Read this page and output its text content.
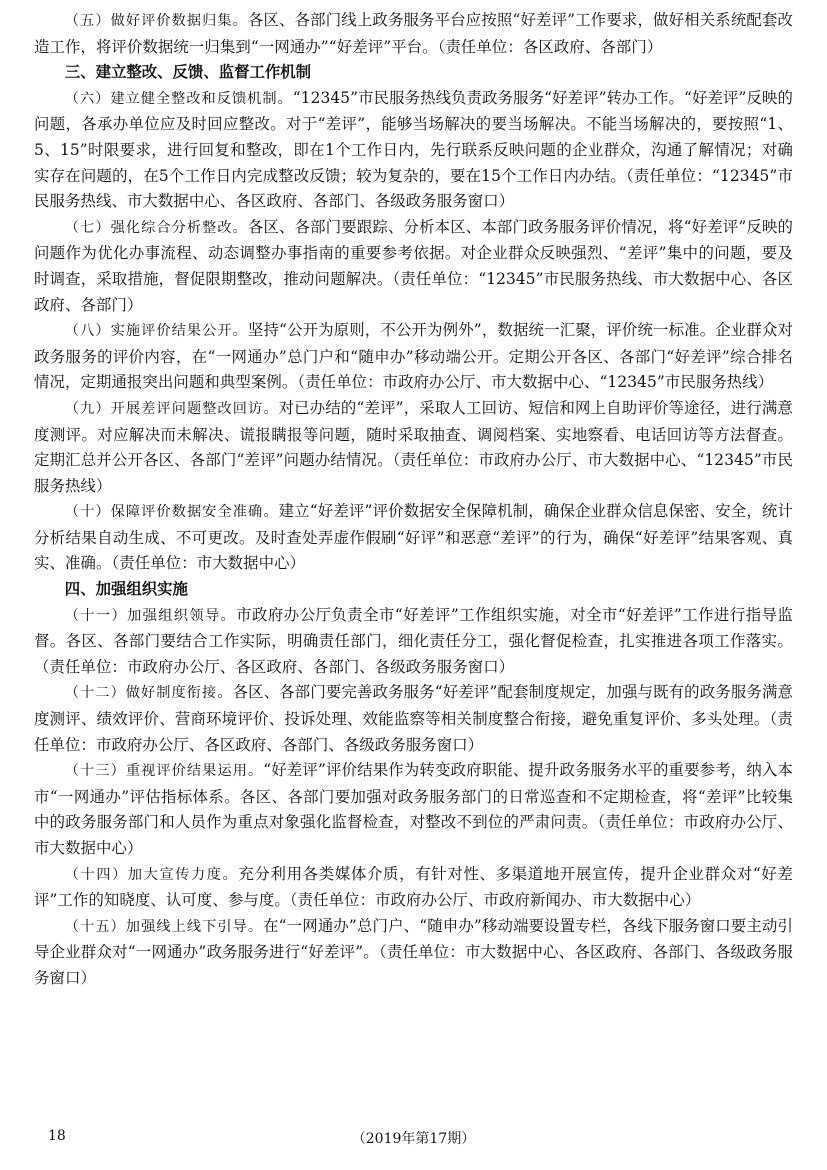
（五）做好评价数据归集。各区、各部门线上政务服务平台应按照“好差评”工作要求，做好相关系统配套改造工作，将评价数据统一归集到“一网通办”“好差评”平台。（责任单位：各区政府、各部门）

三、建立整改、反馈、监督工作机制

（六）建立健全整改和反馈机制。“12345”市民服务热线负责政务服务“好差评”转办工作。“好差评”反映的问题，各承办单位应及时回应整改。对于“差评”，能够当场解决的要当场解决。不能当场解决的，要按照“1、5、15”时限要求，进行回复和整改，即在1个工作日内，先行联系反映问题的企业群众，沟通了解情况；对确实存在问题的，在5个工作日内完成整改反馈；较为复杂的，要在15个工作日内办结。（责任单位：“12345”市民服务热线、市大数据中心、各区政府、各部门、各级政务服务窗口）

（七）强化综合分析整改。各区、各部门要跟踪、分析本区、本部门政务服务评价情况，将“好差评”反映的问题作为优化办事流程、动态调整办事指南的重要参考依据。对企业群众反映强烈、“差评”集中的问题，要及时调查，采取措施，督促限期整改，推动问题解决。（责任单位：“12345”市民服务热线、市大数据中心、各区政府、各部门）

（八）实施评价结果公开。坚持“公开为原则，不公开为例外”，数据统一汇聚，评价统一标准。企业群众对政务服务的评价内容，在“一网通办”总门户和“随申办”移动端公开。定期公开各区、各部门“好差评”综合排名情况，定期通报突出问题和典型案例。（责任单位：市政府办公厅、市大数据中心、“12345”市民服务热线）

（九）开展差评问题整改回访。对已办结的“差评”，采取人工回访、短信和网上自助评价等途径，进行满意度测评。对应解决而未解决、谎报瞒报等问题，随时采取抽查、调阅档案、实地察看、电话回访等方法督查。定期汇总并公开各区、各部门“差评”问题办结情况。（责任单位：市政府办公厅、市大数据中心、“12345”市民服务热线）

（十）保障评价数据安全准确。建立“好差评”评价数据安全保障机制，确保企业群众信息保密、安全，统计分析结果自动生成、不可更改。及时查处弄虚作假刷“好评”和恶意“差评”的行为，确保“好差评”结果客观、真实、准确。（责任单位：市大数据中心）

四、加强组织实施

（十一）加强组织领导。市政府办公厅负责全市“好差评”工作组织实施，对全市“好差评”工作进行指导监督。各区、各部门要结合工作实际，明确责任部门，细化责任分工，强化督促检查，扎实推进各项工作落实。（责任单位：市政府办公厅、各区政府、各部门、各级政务服务窗口）

（十二）做好制度衔接。各区、各部门要完善政务服务“好差评”配套制度规定，加强与既有的政务服务满意度测评、绩效评价、营商环境评价、投诉处理、效能监察等相关制度整合衔接，避免重复评价、多头处理。（责任单位：市政府办公厅、各区政府、各部门、各级政务服务窗口）

（十三）重视评价结果运用。“好差评”评价结果作为转变政府职能、提升政务服务水平的重要参考，纳入本市“一网通办”评估指标体系。各区、各部门要加强对政务服务部门的日常巡查和不定期检查，将“差评”比较集中的政务服务部门和人员作为重点对象强化监督检查，对整改不到位的严肃问责。（责任单位：市政府办公厅、市大数据中心）

（十四）加大宣传力度。充分利用各类媒体介质，有针对性、多渠道地开展宣传，提升企业群众对“好差评”工作的知晓度、认可度、参与度。（责任单位：市政府办公厅、市政府新闻办、市大数据中心）

（十五）加强线上线下引导。在“一网通办”总门户、“随申办”移动端要设置专栏，各线下服务窗口要主动引导企业群众对“一网通办”政务服务进行“好差评”。（责任单位：市大数据中心、各区政府、各部门、各级政务服务窗口）

18	（2019年第17期）
